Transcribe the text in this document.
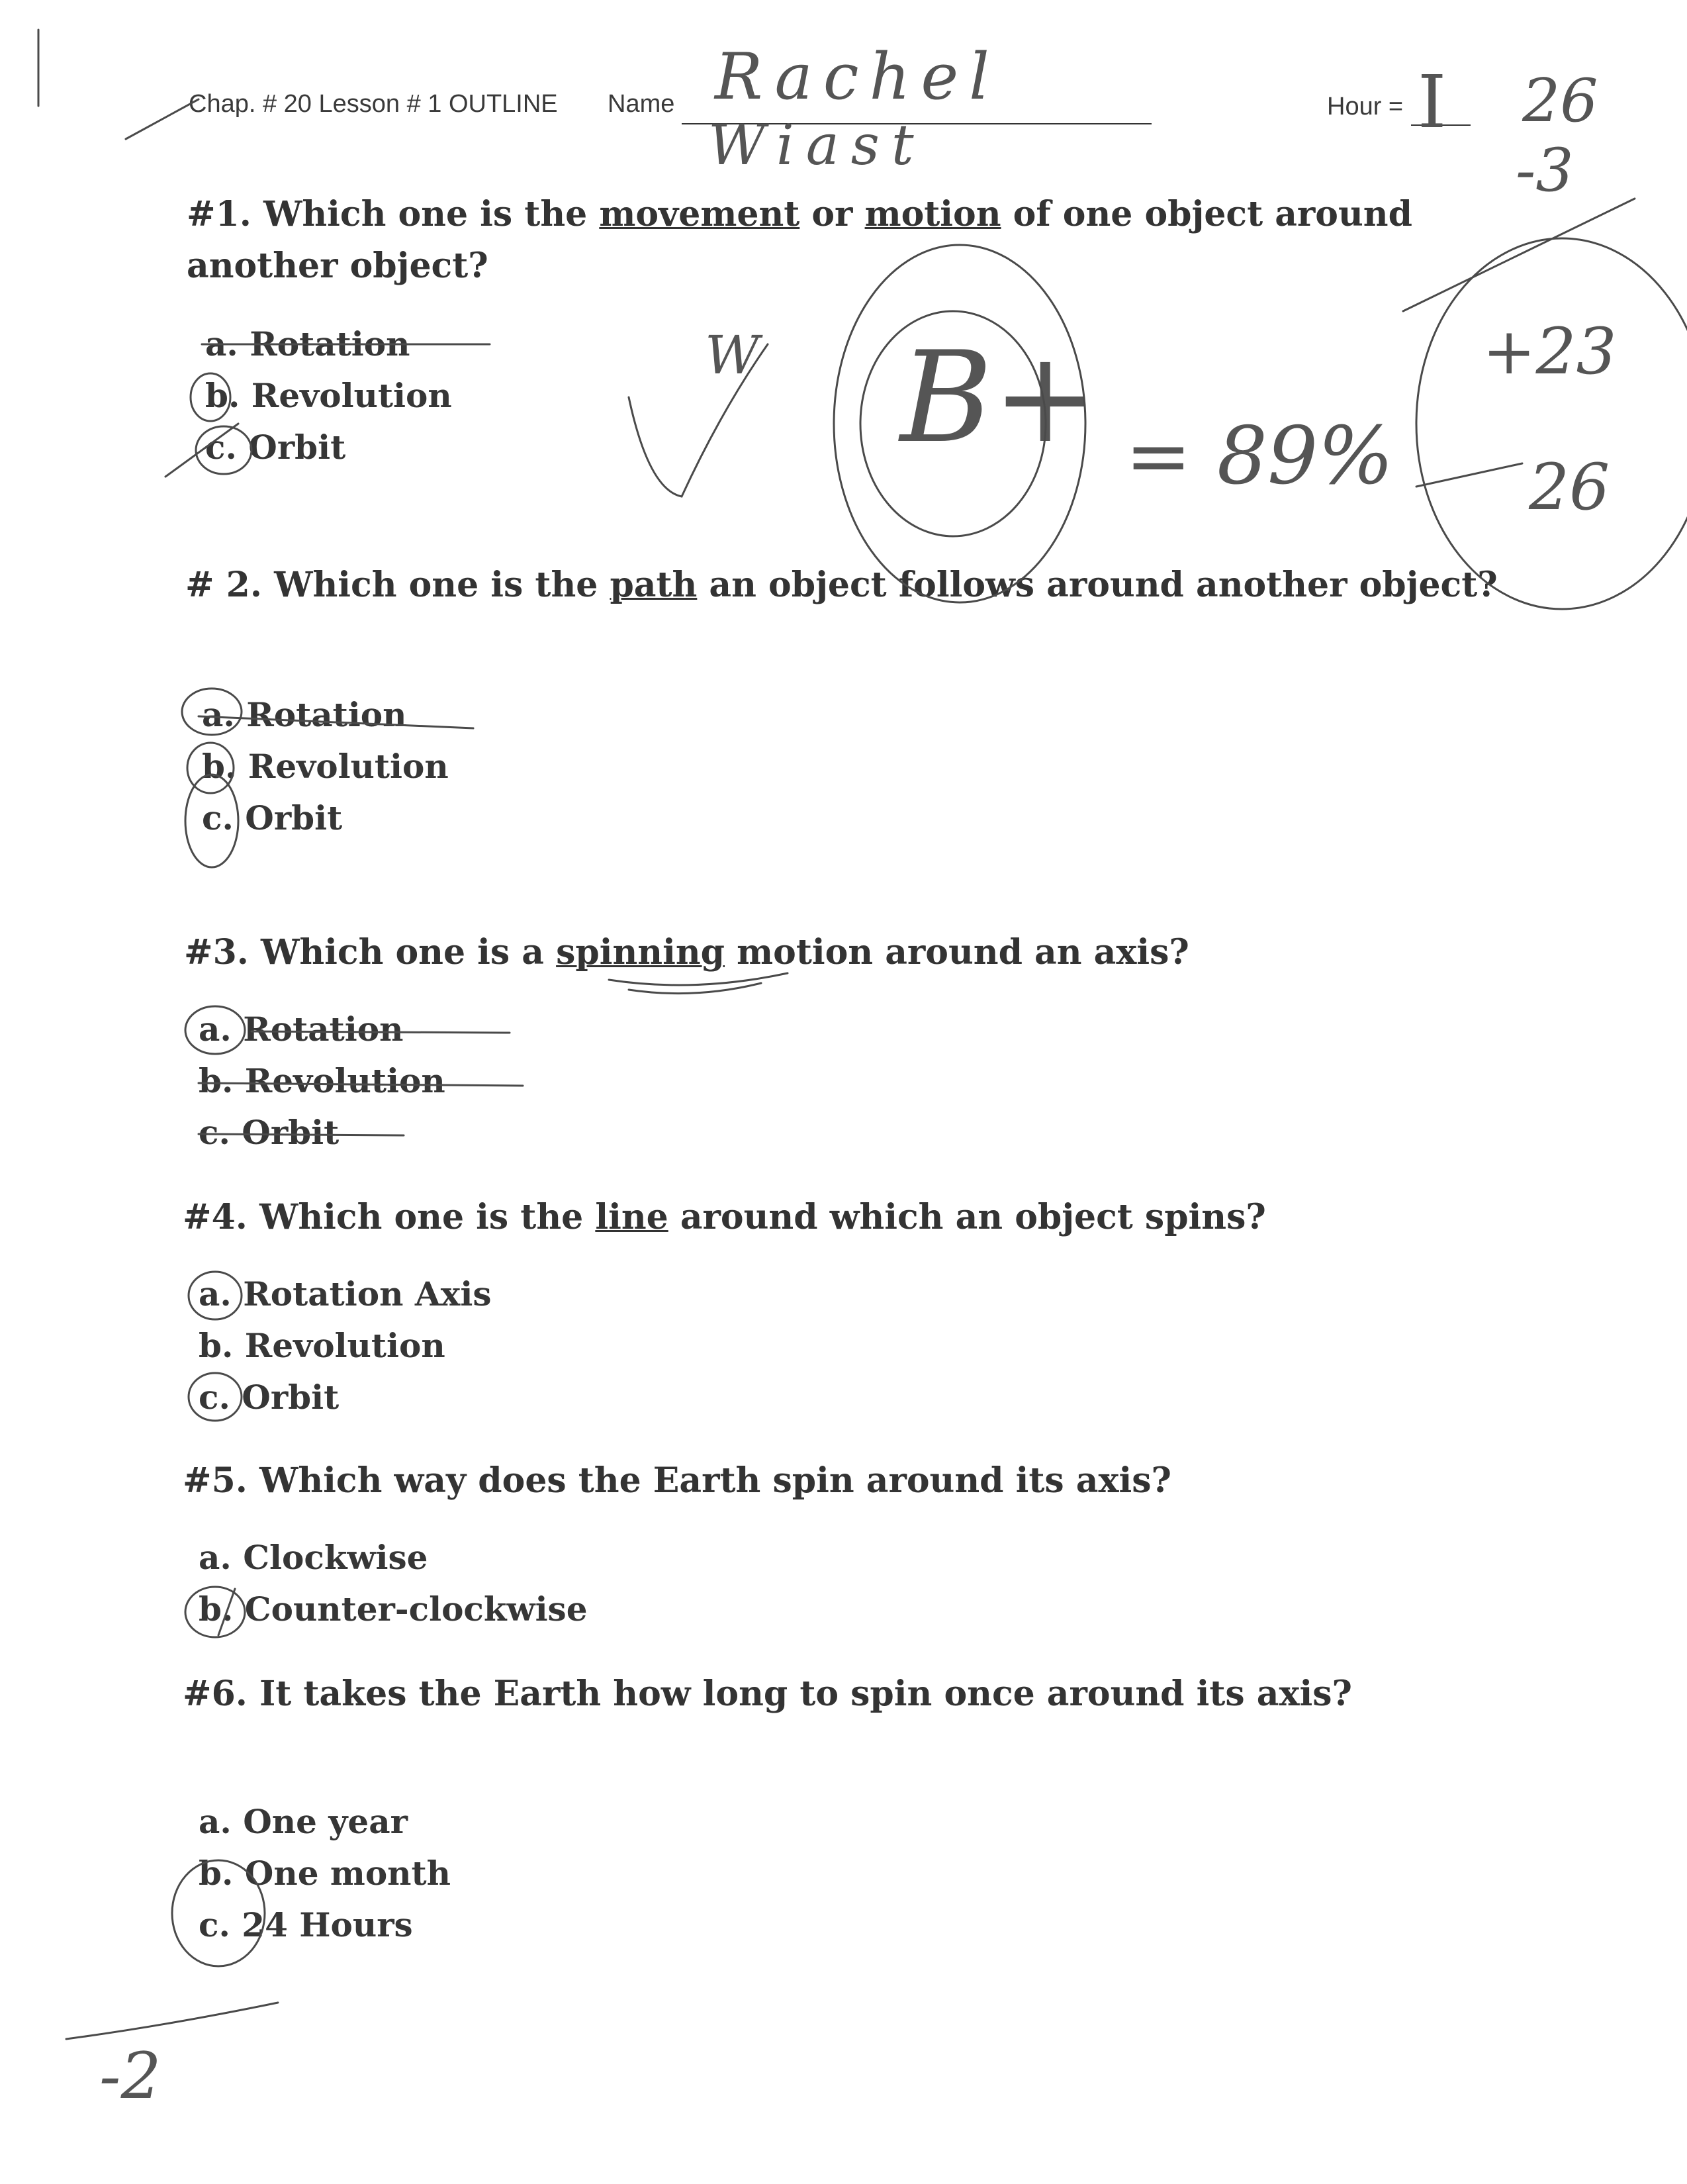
Chap. # 20 Lesson # 1 OUTLINE Name Rachel
Wiast
Hour = I 26
-3
W B+ = 89%
+23
26
-2
#1. Which one is the movement or motion of one object around another object?
a. Rotation
b. Revolution
c. Orbit
# 2. Which one is the path an object follows around another object?
a. Rotation
b. Revolution
c. Orbit
#3. Which one is a spinning motion around an axis?
a. Rotation
b. Revolution
c. Orbit
#4. Which one is the line around which an object spins?
a. Rotation Axis
b. Revolution
c. Orbit
#5. Which way does the Earth spin around its axis?
a. Clockwise
b. Counter-clockwise
#6. It takes the Earth how long to spin once around its axis?
a. One year
b. One month
c. 24 Hours
